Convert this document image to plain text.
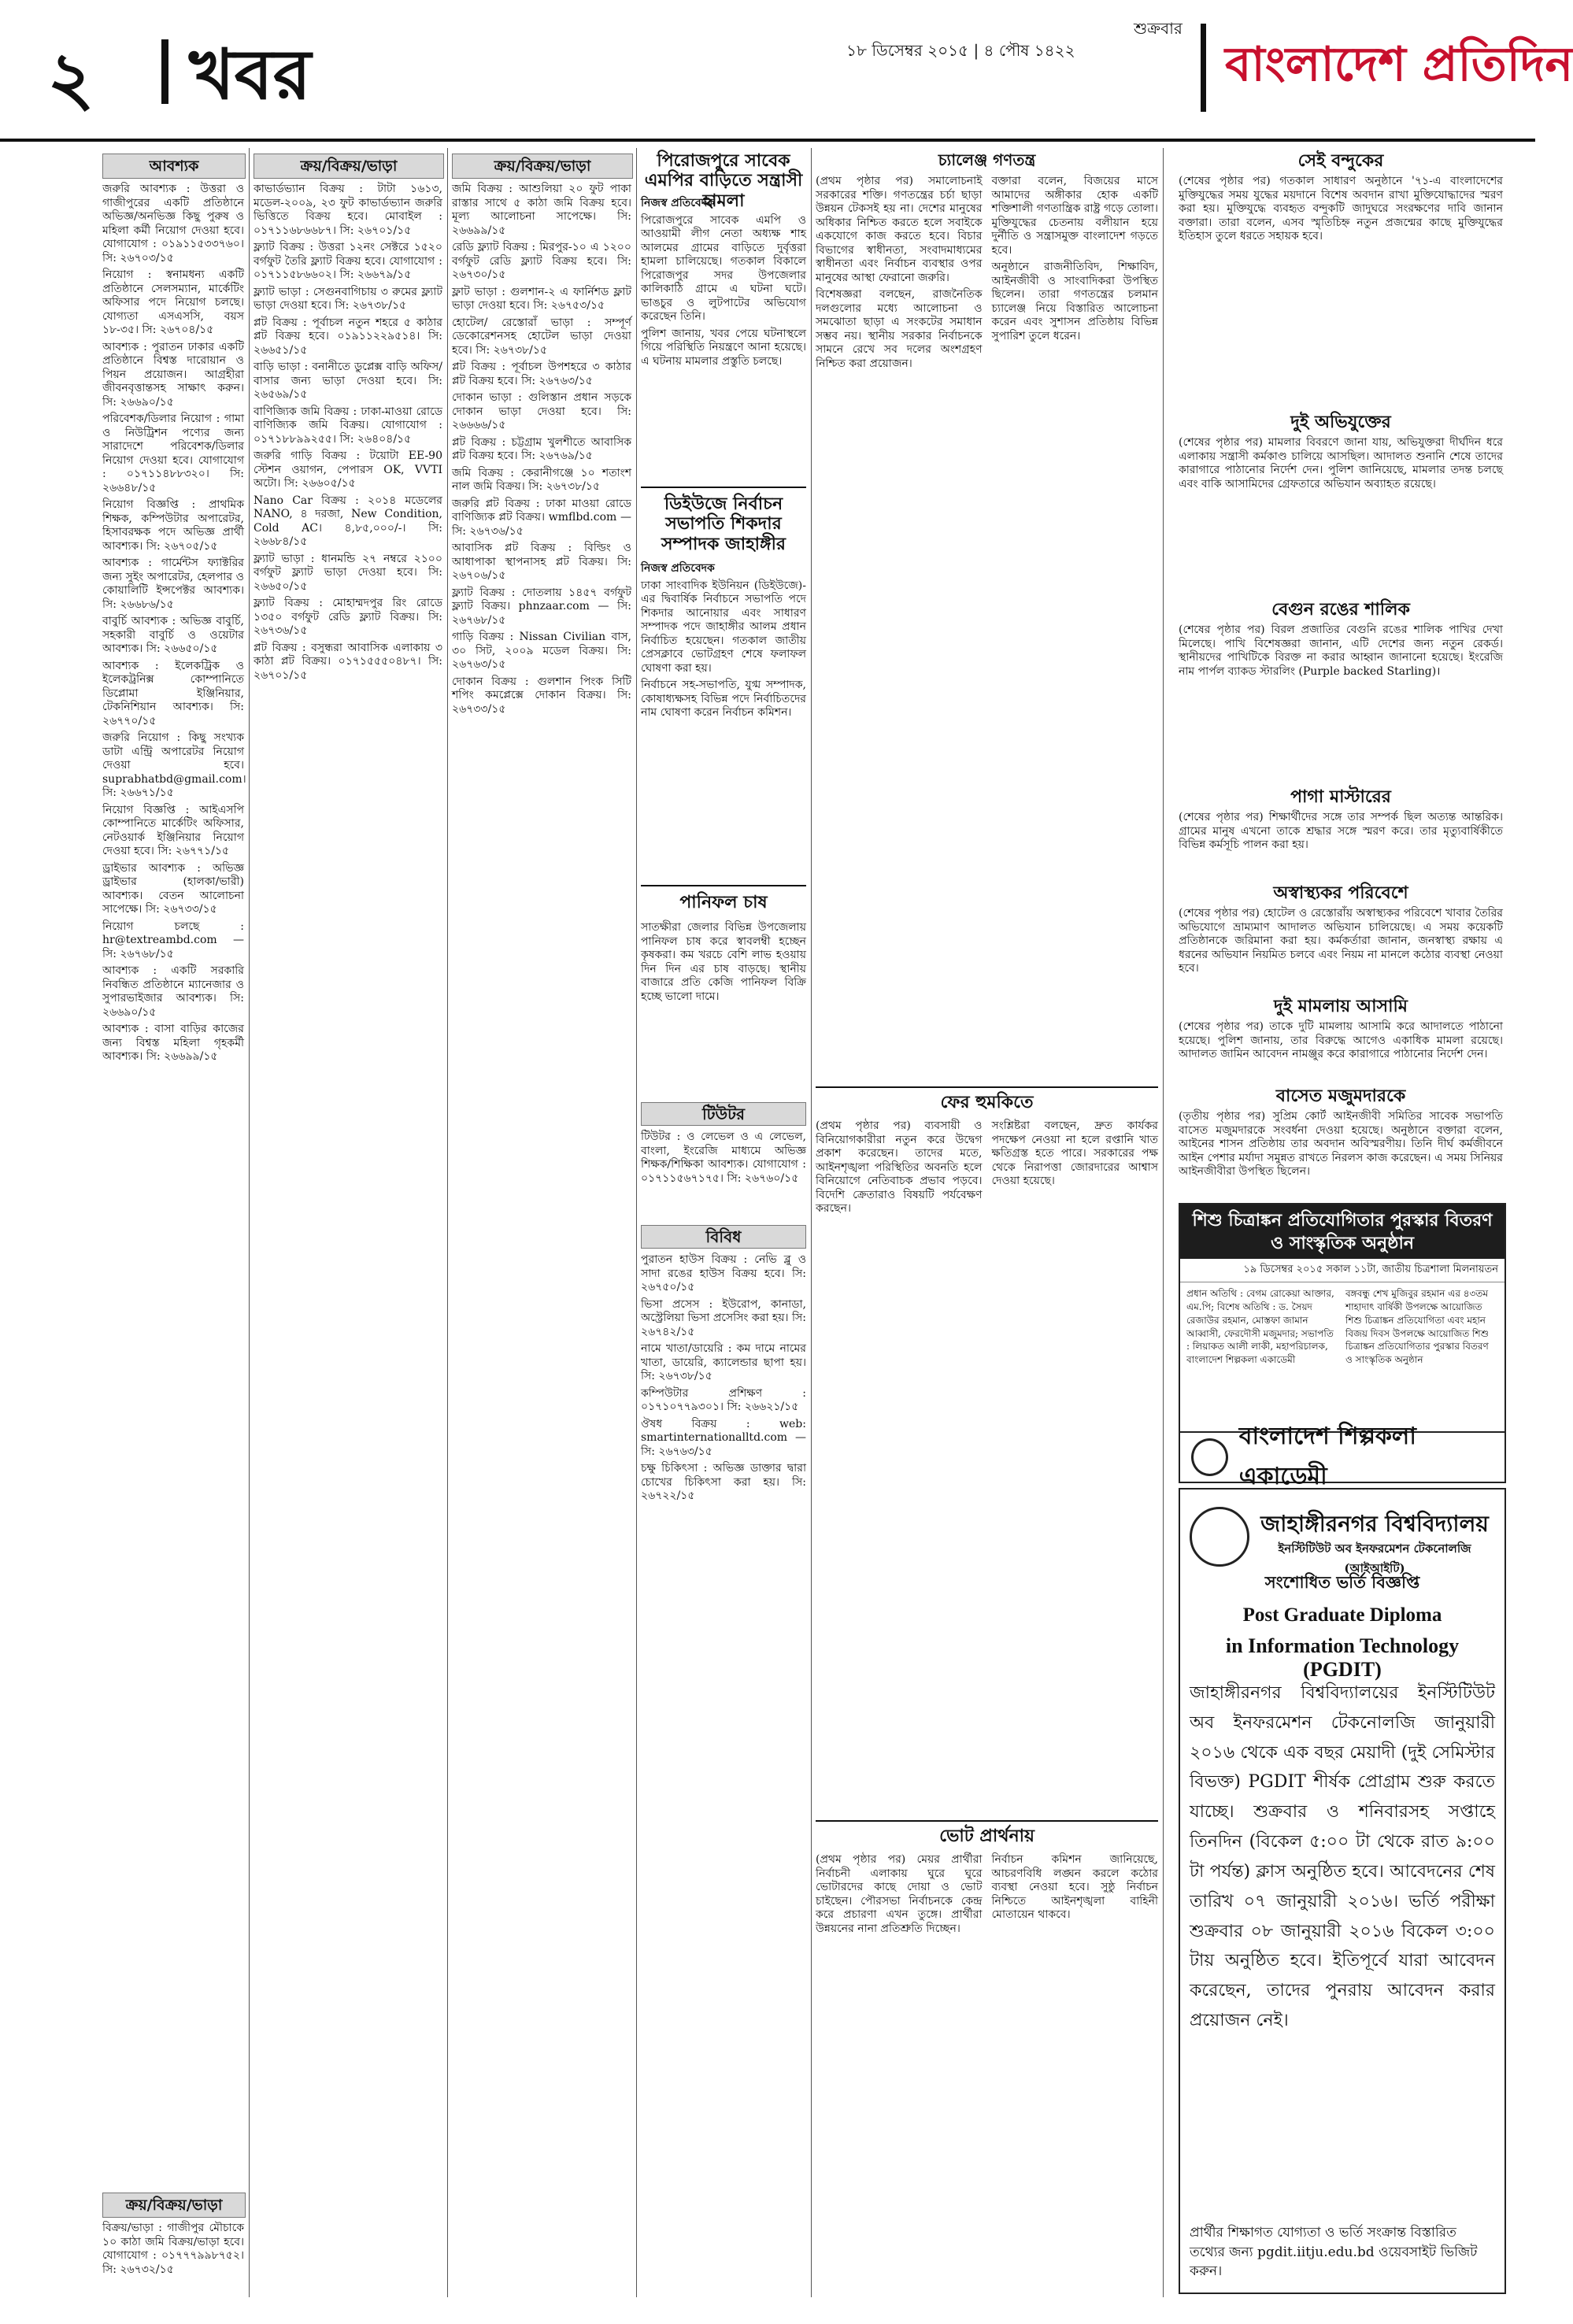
২ খবর
শুক্রবার
১৮ ডিসেম্বর ২০১৫ | ৪ পৌষ ১৪২২	বাংলাদেশ প্রতিদিন
আবশ্যক	ক্রয়/বিক্রয়/ভাড়া	ক্রয়/বিক্রয়/ভাড়া
ক্রয়/বিক্রয়/ভাড়া

জরুরি আবশ্যক : উত্তরা ও গাজীপুরের একটি প্রতিষ্ঠানে অভিজ্ঞ/অনভিজ্ঞ কিছু পুরুষ ও মহিলা কর্মী নিয়োগ দেওয়া হবে। যোগাযোগ : ০১৯১১৫৩৩৭৬০। সি: ২৬৭০৩/১৫

নিয়োগ : স্বনামধন্য একটি প্রতিষ্ঠানে সেলসম্যান, মার্কেটিং অফিসার পদে নিয়োগ চলছে। যোগ্যতা এসএসসি, বয়স ১৮-৩৫। সি: ২৬৭০৪/১৫

আবশ্যক : পুরাতন ঢাকার একটি প্রতিষ্ঠানে বিশ্বস্ত দারোয়ান ও পিয়ন প্রয়োজন। আগ্রহীরা জীবনবৃত্তান্তসহ সাক্ষাৎ করুন। সি: ২৬৬৯০/১৫

পরিবেশক/ডিলার নিয়োগ : গামা ও নিউট্রিশন পণ্যের জন্য সারাদেশে পরিবেশক/ডিলার নিয়োগ দেওয়া হবে। যোগাযোগ : ০১৭১১৪৮৮৩২০। সি: ২৬৬৪৮/১৫

নিয়োগ বিজ্ঞপ্তি : প্রাথমিক শিক্ষক, কম্পিউটার অপারেটর, হিসাবরক্ষক পদে অভিজ্ঞ প্রার্থী আবশ্যক। সি: ২৬৭০৫/১৫

আবশ্যক : গার্মেন্টস ফ্যাক্টরির জন্য সুইং অপারেটর, হেলপার ও কোয়ালিটি ইন্সপেক্টর আবশ্যক। সি: ২৬৬৮৬/১৫

বাবুর্চি আবশ্যক : অভিজ্ঞ বাবুর্চি, সহকারী বাবুর্চি ও ওয়েটার আবশ্যক। সি: ২৬৬৫০/১৫

আবশ্যক : ইলেকট্রিক ও ইলেকট্রনিক্স কোম্পানিতে ডিপ্লোমা ইঞ্জিনিয়ার, টেকনিশিয়ান আবশ্যক। সি: ২৬৭৭০/১৫

জরুরি নিয়োগ : কিছু সংখ্যক ডাটা এন্ট্রি অপারেটর নিয়োগ দেওয়া হবে। suprabhatbd@gmail.com। সি: ২৬৬৭১/১৫

নিয়োগ বিজ্ঞপ্তি : আইএসপি কোম্পানিতে মার্কেটিং অফিসার, নেটওয়ার্ক ইঞ্জিনিয়ার নিয়োগ দেওয়া হবে। সি: ২৬৭৭১/১৫

ড্রাইভার আবশ্যক : অভিজ্ঞ ড্রাইভার (হালকা/ভারী) আবশ্যক। বেতন আলোচনা সাপেক্ষে। সি: ২৬৭৩৩/১৫

নিয়োগ চলছে : hr@textreambd.com — সি: ২৬৭৬৮/১৫

আবশ্যক : একটি সরকারি নিবন্ধিত প্রতিষ্ঠানে ম্যানেজার ও সুপারভাইজার আবশ্যক। সি: ২৬৬৯০/১৫

আবশ্যক : বাসা বাড়ির কাজের জন্য বিশ্বস্ত মহিলা গৃহকর্মী আবশ্যক। সি: ২৬৬৯৯/১৫

বিক্রয়/ভাড়া : গাজীপুর মৌচাকে ১০ কাঠা জমি বিক্রয়/ভাড়া হবে। যোগাযোগ : ০১৭৭৭৯৯৮৭৫২। সি: ২৬৭৩২/১৫

কাভার্ডভ্যান বিক্রয় : টাটা ১৬১৩, মডেল-২০০৯, ২৩ ফুট কাভার্ডভ্যান জরুরি ভিত্তিতে বিক্রয় হবে। মোবাইল : ০১৭১১৬৮৬৬৮৭। সি: ২৬৭০১/১৫

ফ্ল্যাট বিক্রয় : উত্তরা ১২নং সেক্টরে ১৫২০ বর্গফুট তৈরি ফ্ল্যাট বিক্রয় হবে। যোগাযোগ : ০১৭১১৫৮৬৬০২। সি: ২৬৬৭৯/১৫

ফ্ল্যাট ভাড়া : সেগুনবাগিচায় ৩ রুমের ফ্ল্যাট ভাড়া দেওয়া হবে। সি: ২৬৭৩৮/১৫

প্লট বিক্রয় : পূর্বাচল নতুন শহরে ৫ কাঠার প্লট বিক্রয় হবে। ০১৯১১২২৯৫১৪। সি: ২৬৬৫১/১৫

বাড়ি ভাড়া : বনানীতে ডুপ্লেক্স বাড়ি অফিস/বাসার জন্য ভাড়া দেওয়া হবে। সি: ২৬৫৬৯/১৫

বাণিজ্যিক জমি বিক্রয় : ঢাকা-মাওয়া রোডে বাণিজ্যিক জমি বিক্রয়। যোগাযোগ : ০১৭১৮৮৯৯২৫৫। সি: ২৬৪০৪/১৫

জরুরি গাড়ি বিক্রয় : টয়োটা EE-90 স্টেশন ওয়াগন, পেপারস OK, VVTI অটো। সি: ২৬৬০৫/১৫

Nano Car বিক্রয় : ২০১৪ মডেলের NANO, ৪ দরজা, New Condition, Cold AC। ৪,৮৫,০০০/-। সি: ২৬৬৮৪/১৫

ফ্ল্যাট ভাড়া : ধানমন্ডি ২৭ নম্বরে ২১০০ বর্গফুট ফ্ল্যাট ভাড়া দেওয়া হবে। সি: ২৬৬৫০/১৫

ফ্ল্যাট বিক্রয় : মোহাম্মদপুর রিং রোডে ১৩৫০ বর্গফুট রেডি ফ্ল্যাট বিক্রয়। সি: ২৬৭৩৬/১৫

প্লট বিক্রয় : বসুন্ধরা আবাসিক এলাকায় ৩ কাঠা প্লট বিক্রয়। ০১৭১৫৫৫০৪৮৭। সি: ২৬৭০১/১৫

জমি বিক্রয় : আশুলিয়া ২০ ফুট পাকা রাস্তার সাথে ৫ কাঠা জমি বিক্রয় হবে। মূল্য আলোচনা সাপেক্ষে। সি: ২৬৬৯৯/১৫

রেডি ফ্ল্যাট বিক্রয় : মিরপুর-১০ এ ১২০০ বর্গফুট রেডি ফ্ল্যাট বিক্রয় হবে। সি: ২৬৭৩০/১৫

ফ্লাট ভাড়া : গুলশান-২ এ ফার্নিশড ফ্লাট ভাড়া দেওয়া হবে। সি: ২৬৭৫৩/১৫

হোটেল/ রেস্তোরাঁ ভাড়া : সম্পূর্ণ ডেকোরেশনসহ হোটেল ভাড়া দেওয়া হবে। সি: ২৬৭৩৮/১৫

প্লট বিক্রয় : পূর্বাচল উপশহরে ৩ কাঠার প্লট বিক্রয় হবে। সি: ২৬৭৬৩/১৫

দোকান ভাড়া : গুলিস্তান প্রধান সড়কে দোকান ভাড়া দেওয়া হবে। সি: ২৬৬৬৬/১৫

প্লট বিক্রয় : চট্টগ্রাম খুলশীতে আবাসিক প্লট বিক্রয় হবে। সি: ২৬৭৬৯/১৫

জমি বিক্রয় : কেরানীগঞ্জে ১০ শতাংশ নাল জমি বিক্রয়। সি: ২৬৭৩৮/১৫

জরুরি প্লট বিক্রয় : ঢাকা মাওয়া রোডে বাণিজ্যিক প্লট বিক্রয়। wmflbd.com — সি: ২৬৭৩৬/১৫

আবাসিক প্লট বিক্রয় : বিল্ডিং ও আধাপাকা স্থাপনাসহ প্লট বিক্রয়। সি: ২৬৭০৬/১৫

ফ্ল্যাট বিক্রয় : দোতলায় ১৪৫৭ বর্গফুট ফ্ল্যাট বিক্রয়। phnzaar.com — সি: ২৬৭৬৮/১৫

গাড়ি বিক্রয় : Nissan Civilian বাস, ৩০ সিট, ২০০৯ মডেল বিক্রয়। সি: ২৬৭৬৩/১৫

দোকান বিক্রয় : গুলশান পিংক সিটি শপিং কমপ্লেক্সে দোকান বিক্রয়। সি: ২৬৭৩৩/১৫

পিরোজপুরে সাবেক এমপির বাড়িতে সন্ত্রাসী হামলা

নিজস্ব প্রতিবেদক

পিরোজপুরে সাবেক এমপি ও আওয়ামী লীগ নেতা অধ্যক্ষ শাহ আলমের গ্রামের বাড়িতে দুর্বৃত্তরা হামলা চালিয়েছে। গতকাল বিকালে পিরোজপুর সদর উপজেলার কালিকাঠি গ্রামে এ ঘটনা ঘটে। ভাঙচুর ও লুটপাটের অভিযোগ করেছেন তিনি।

পুলিশ জানায়, খবর পেয়ে ঘটনাস্থলে গিয়ে পরিস্থিতি নিয়ন্ত্রণে আনা হয়েছে। এ ঘটনায় মামলার প্রস্তুতি চলছে।

ডিইউজে নির্বাচন সভাপতি শিকদার সম্পাদক জাহাঙ্গীর

নিজস্ব প্রতিবেদক

ঢাকা সাংবাদিক ইউনিয়ন (ডিইউজে)-এর দ্বিবার্ষিক নির্বাচনে সভাপতি পদে শিকদার আনোয়ার এবং সাধারণ সম্পাদক পদে জাহাঙ্গীর আলম প্রধান নির্বাচিত হয়েছেন। গতকাল জাতীয় প্রেসক্লাবে ভোটগ্রহণ শেষে ফলাফল ঘোষণা করা হয়।

নির্বাচনে সহ-সভাপতি, যুগ্ম সম্পাদক, কোষাধ্যক্ষসহ বিভিন্ন পদে নির্বাচিতদের নাম ঘোষণা করেন নির্বাচন কমিশন।

পানিফল চাষ

সাতক্ষীরা জেলার বিভিন্ন উপজেলায় পানিফল চাষ করে স্বাবলম্বী হচ্ছেন কৃষকরা। কম খরচে বেশি লাভ হওয়ায় দিন দিন এর চাষ বাড়ছে। স্থানীয় বাজারে প্রতি কেজি পানিফল বিক্রি হচ্ছে ভালো দামে।

টিউটর

টিউটর : ও লেভেল ও এ লেভেল, বাংলা, ইংরেজি মাধ্যমে অভিজ্ঞ শিক্ষক/শিক্ষিকা আবশ্যক। যোগাযোগ : ০১৭১১৫৬৭১৭৫। সি: ২৬৭৬০/১৫

বিবিধ

পুরাতন হাউস বিক্রয় : নেভি ব্লু ও সাদা রঙের হাউস বিক্রয় হবে। সি: ২৬৭৫০/১৫

ভিসা প্রসেস : ইউরোপ, কানাডা, অস্ট্রেলিয়া ভিসা প্রসেসিং করা হয়। সি: ২৬৭৪২/১৫

নামে খাতা/ডায়েরি : কম দামে নামের খাতা, ডায়েরি, ক্যালেন্ডার ছাপা হয়। সি: ২৬৭৩৮/১৫

কম্পিউটার প্রশিক্ষণ : ০১৭১০৭৭৯৩০১। সি: ২৬৬২১/১৫

ঔষধ বিক্রয় : web: smartinternationalltd.com — সি: ২৬৭৬৩/১৫

চক্ষু চিকিৎসা : অভিজ্ঞ ডাক্তার দ্বারা চোখের চিকিৎসা করা হয়। সি: ২৬৭২২/১৫

চ্যালেঞ্জ গণতন্ত্র

(প্রথম পৃষ্ঠার পর) সমালোচনাই সরকারের শক্তি। গণতন্ত্রের চর্চা ছাড়া উন্নয়ন টেকসই হয় না। দেশের মানুষের অধিকার নিশ্চিত করতে হলে সবাইকে একযোগে কাজ করতে হবে। বিচার বিভাগের স্বাধীনতা, সংবাদমাধ্যমের স্বাধীনতা এবং নির্বাচন ব্যবস্থার ওপর মানুষের আস্থা ফেরানো জরুরি।

বিশেষজ্ঞরা বলছেন, রাজনৈতিক দলগুলোর মধ্যে আলোচনা ও সমঝোতা ছাড়া এ সংকটের সমাধান সম্ভব নয়। স্থানীয় সরকার নির্বাচনকে সামনে রেখে সব দলের অংশগ্রহণ নিশ্চিত করা প্রয়োজন।

বক্তারা বলেন, বিজয়ের মাসে আমাদের অঙ্গীকার হোক একটি শক্তিশালী গণতান্ত্রিক রাষ্ট্র গড়ে তোলা। মুক্তিযুদ্ধের চেতনায় বলীয়ান হয়ে দুর্নীতি ও সন্ত্রাসমুক্ত বাংলাদেশ গড়তে হবে।

অনুষ্ঠানে রাজনীতিবিদ, শিক্ষাবিদ, আইনজীবী ও সাংবাদিকরা উপস্থিত ছিলেন। তারা গণতন্ত্রের চলমান চ্যালেঞ্জ নিয়ে বিস্তারিত আলোচনা করেন এবং সুশাসন প্রতিষ্ঠায় বিভিন্ন সুপারিশ তুলে ধরেন।

ফের হুমকিতে

(প্রথম পৃষ্ঠার পর) ব্যবসায়ী ও বিনিয়োগকারীরা নতুন করে উদ্বেগ প্রকাশ করেছেন। তাদের মতে, আইনশৃঙ্খলা পরিস্থিতির অবনতি হলে বিনিয়োগে নেতিবাচক প্রভাব পড়বে। বিদেশি ক্রেতারাও বিষয়টি পর্যবেক্ষণ করছেন।

সংশ্লিষ্টরা বলছেন, দ্রুত কার্যকর পদক্ষেপ নেওয়া না হলে রপ্তানি খাত ক্ষতিগ্রস্ত হতে পারে। সরকারের পক্ষ থেকে নিরাপত্তা জোরদারের আশ্বাস দেওয়া হয়েছে।

ভোট প্রার্থনায়

(প্রথম পৃষ্ঠার পর) মেয়র প্রার্থীরা নির্বাচনী এলাকায় ঘুরে ঘুরে ভোটারদের কাছে দোয়া ও ভোট চাইছেন। পৌরসভা নির্বাচনকে কেন্দ্র করে প্রচারণা এখন তুঙ্গে। প্রার্থীরা উন্নয়নের নানা প্রতিশ্রুতি দিচ্ছেন।

নির্বাচন কমিশন জানিয়েছে, আচরণবিধি লঙ্ঘন করলে কঠোর ব্যবস্থা নেওয়া হবে। সুষ্ঠু নির্বাচন নিশ্চিতে আইনশৃঙ্খলা বাহিনী মোতায়েন থাকবে।

সেই বন্দুকের

(শেষের পৃষ্ঠার পর) গতকাল সাধারণ অনুষ্ঠানে '৭১-এ বাংলাদেশের মুক্তিযুদ্ধের সময় যুদ্ধের ময়দানে বিশেষ অবদান রাখা মুক্তিযোদ্ধাদের স্মরণ করা হয়। মুক্তিযুদ্ধে ব্যবহৃত বন্দুকটি জাদুঘরে সংরক্ষণের দাবি জানান বক্তারা। তারা বলেন, এসব স্মৃতিচিহ্ন নতুন প্রজন্মের কাছে মুক্তিযুদ্ধের ইতিহাস তুলে ধরতে সহায়ক হবে।

দুই অভিযুক্তের

(শেষের পৃষ্ঠার পর) মামলার বিবরণে জানা যায়, অভিযুক্তরা দীর্ঘদিন ধরে এলাকায় সন্ত্রাসী কর্মকাণ্ড চালিয়ে আসছিল। আদালত শুনানি শেষে তাদের কারাগারে পাঠানোর নির্দেশ দেন। পুলিশ জানিয়েছে, মামলার তদন্ত চলছে এবং বাকি আসামিদের গ্রেফতারে অভিযান অব্যাহত রয়েছে।

বেগুন রঙের শালিক

(শেষের পৃষ্ঠার পর) বিরল প্রজাতির বেগুনি রঙের শালিক পাখির দেখা মিলেছে। পাখি বিশেষজ্ঞরা জানান, এটি দেশের জন্য নতুন রেকর্ড। স্থানীয়দের পাখিটিকে বিরক্ত না করার আহ্বান জানানো হয়েছে। ইংরেজি নাম পার্পল ব্যাকড স্টারলিং (Purple backed Starling)।

পাগা মাস্টারের

(শেষের পৃষ্ঠার পর) শিক্ষার্থীদের সঙ্গে তার সম্পর্ক ছিল অত্যন্ত আন্তরিক। গ্রামের মানুষ এখনো তাকে শ্রদ্ধার সঙ্গে স্মরণ করে। তার মৃত্যুবার্ষিকীতে বিভিন্ন কর্মসূচি পালন করা হয়।

অস্বাস্থ্যকর পরিবেশে

(শেষের পৃষ্ঠার পর) হোটেল ও রেস্তোরাঁয় অস্বাস্থ্যকর পরিবেশে খাবার তৈরির অভিযোগে ভ্রাম্যমাণ আদালত অভিযান চালিয়েছে। এ সময় কয়েকটি প্রতিষ্ঠানকে জরিমানা করা হয়। কর্মকর্তারা জানান, জনস্বাস্থ্য রক্ষায় এ ধরনের অভিযান নিয়মিত চলবে এবং নিয়ম না মানলে কঠোর ব্যবস্থা নেওয়া হবে।

দুই মামলায় আসামি

(শেষের পৃষ্ঠার পর) তাকে দুটি মামলায় আসামি করে আদালতে পাঠানো হয়েছে। পুলিশ জানায়, তার বিরুদ্ধে আগেও একাধিক মামলা রয়েছে। আদালত জামিন আবেদন নামঞ্জুর করে কারাগারে পাঠানোর নির্দেশ দেন।

বাসেত মজুমদারকে

(তৃতীয় পৃষ্ঠার পর) সুপ্রিম কোর্ট আইনজীবী সমিতির সাবেক সভাপতি বাসেত মজুমদারকে সংবর্ধনা দেওয়া হয়েছে। অনুষ্ঠানে বক্তারা বলেন, আইনের শাসন প্রতিষ্ঠায় তার অবদান অবিস্মরণীয়। তিনি দীর্ঘ কর্মজীবনে আইন পেশার মর্যাদা সমুন্নত রাখতে নিরলস কাজ করেছেন। এ সময় সিনিয়র আইনজীবীরা উপস্থিত ছিলেন।

শিশু চিত্রাঙ্কন প্রতিযোগিতার পুরস্কার বিতরণ ও সাংস্কৃতিক অনুষ্ঠান
১৯ ডিসেম্বর ২০১৫ সকাল ১১টা, জাতীয় চিত্রশালা মিলনায়তন
প্রধান অতিথি : বেগম রোকেয়া আক্তার, এম.পি; বিশেষ অতিথি : ড. সৈয়দ রেজাউর রহমান, মোস্তফা জামান আব্বাসী, ফেরদৌসী মজুমদার; সভাপতি : লিয়াকত আলী লাকী, মহাপরিচালক, বাংলাদেশ শিল্পকলা একাডেমী
বঙ্গবন্ধু শেখ মুজিবুর রহমান এর ৪৩তম শাহাদাৎ বার্ষিকী উপলক্ষে আয়োজিত শিশু চিত্রাঙ্কন প্রতিযোগিতা এবং মহান বিজয় দিবস উপলক্ষে আয়োজিত শিশু চিত্রাঙ্কন প্রতিযোগিতার পুরস্কার বিতরণ ও সাংস্কৃতিক অনুষ্ঠান
বাংলাদেশ শিল্পকলা একাডেমী
জাহাঙ্গীরনগর বিশ্ববিদ্যালয়
ইনস্টিটিউট অব ইনফরমেশন টেকনোলজি (আইআইটি)
সংশোধিত ভর্তি বিজ্ঞপ্তি
Post Graduate Diploma
in Information Technology (PGDIT)
জাহাঙ্গীরনগর বিশ্ববিদ্যালয়ের ইনস্টিটিউট অব ইনফরমেশন টেকনোলজি জানুয়ারী ২০১৬ থেকে এক বছর মেয়াদী (দুই সেমিস্টার বিভক্ত) PGDIT শীর্ষক প্রোগ্রাম শুরু করতে যাচ্ছে। শুক্রবার ও শনিবারসহ সপ্তাহে তিনদিন (বিকেল ৫:০০ টা থেকে রাত ৯:০০ টা পর্যন্ত) ক্লাস অনুষ্ঠিত হবে। আবেদনের শেষ তারিখ ০৭ জানুয়ারী ২০১৬। ভর্তি পরীক্ষা শুক্রবার ০৮ জানুয়ারী ২০১৬ বিকেল ৩:০০ টায় অনুষ্ঠিত হবে। ইতিপূর্বে যারা আবেদন করেছেন, তাদের পুনরায় আবেদন করার প্রয়োজন নেই।
প্রার্থীর শিক্ষাগত যোগ্যতা ও ভর্তি সংক্রান্ত বিস্তারিত তথ্যের জন্য pgdit.iitju.edu.bd ওয়েবসাইট ভিজিট করুন।
